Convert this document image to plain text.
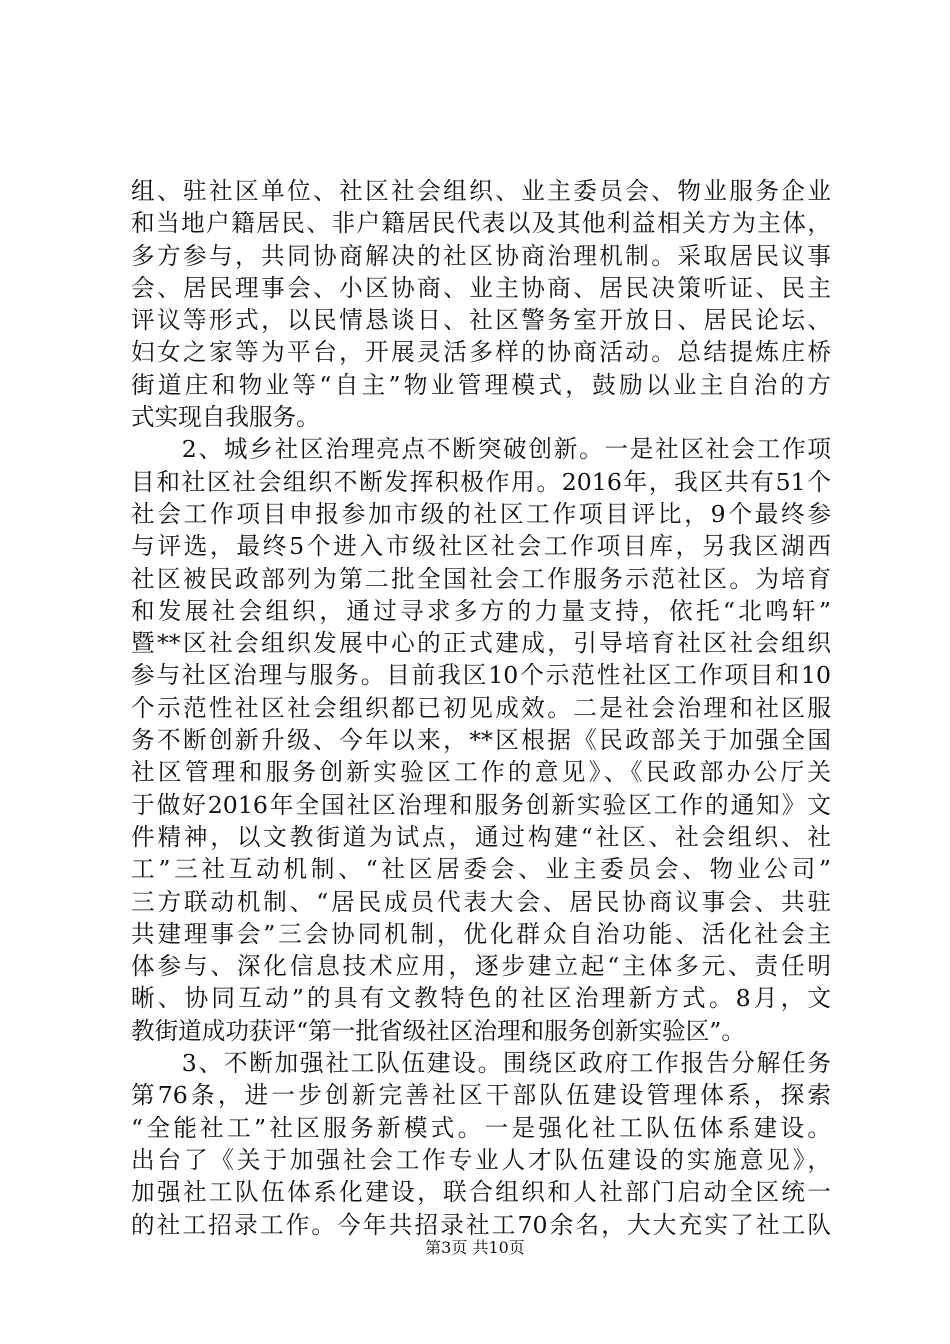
组、驻社区单位、社区社会组织、业主委员会、物业服务企业
和当地户籍居民、非户籍居民代表以及其他利益相关方为主体，
多方参与，共同协商解决的社区协商治理机制。采取居民议事
会、居民理事会、小区协商、业主协商、居民决策听证、民主
评议等形式，以民情恳谈日、社区警务室开放日、居民论坛、
妇女之家等为平台，开展灵活多样的协商活动。总结提炼庄桥
街道庄和物业等“自主”物业管理模式，鼓励以业主自治的方
式实现自我服务。
　　2、城乡社区治理亮点不断突破创新。一是社区社会工作项
目和社区社会组织不断发挥积极作用。2016年，我区共有51个
社会工作项目申报参加市级的社区工作项目评比，9个最终参
与评选，最终5个进入市级社区社会工作项目库，另我区湖西
社区被民政部列为第二批全国社会工作服务示范社区。为培育
和发展社会组织，通过寻求多方的力量支持，依托“北鸣轩”
暨**区社会组织发展中心的正式建成，引导培育社区社会组织
参与社区治理与服务。目前我区10个示范性社区工作项目和10
个示范性社区社会组织都已初见成效。二是社会治理和社区服
务不断创新升级、今年以来，**区根据《民政部关于加强全国
社区管理和服务创新实验区工作的意见》、《民政部办公厅关
于做好2016年全国社区治理和服务创新实验区工作的通知》文
件精神，以文教街道为试点，通过构建“社区、社会组织、社
工”三社互动机制、“社区居委会、业主委员会、物业公司”
三方联动机制、“居民成员代表大会、居民协商议事会、共驻
共建理事会”三会协同机制，优化群众自治功能、活化社会主
体参与、深化信息技术应用，逐步建立起“主体多元、责任明
晰、协同互动”的具有文教特色的社区治理新方式。8月，文
教街道成功获评“第一批省级社区治理和服务创新实验区”。
　　3、不断加强社工队伍建设。围绕区政府工作报告分解任务
第76条，进一步创新完善社区干部队伍建设管理体系，探索
“全能社工”社区服务新模式。一是强化社工队伍体系建设。
出台了《关于加强社会工作专业人才队伍建设的实施意见》，
加强社工队伍体系化建设，联合组织和人社部门启动全区统一
的社工招录工作。今年共招录社工70余名，大大充实了社工队
第3页 共10页
